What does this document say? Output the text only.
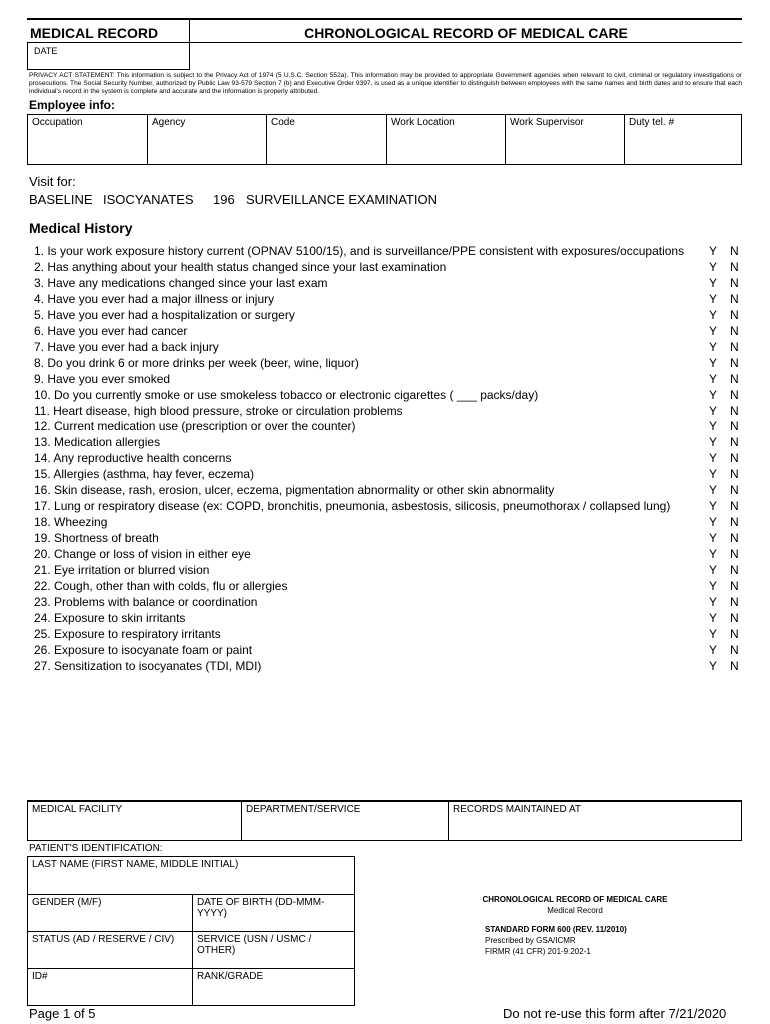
MEDICAL RECORD	CHRONOLOGICAL RECORD OF MEDICAL CARE
DATE
PRIVACY ACT STATEMENT: This information is subject to the Privacy Act of 1974 (5 U.S.C. Section 552a). This information may be provided to appropriate Government agencies when relevant to civil, criminal or regulatory investigations or prosecutions. The Social Security Number, authorized by Public Law 93-579 Section 7 (b) and Executive Order 9397, is used as a unique identifier to distinguish between employees with the same names and birth dates and to ensure that each individual's record in the system is complete and accurate and the information is properly attributed.
Employee info:
Occupation	Agency	Code	Work Location	Work Supervisor	Duty tel. #
Visit for:
BASELINE ISOCYANATES 196 SURVEILLANCE EXAMINATION
Medical History
1. Is your work exposure history current (OPNAV 5100/15), and is surveillance/PPE consistent with exposures/occupations Y N
2. Has anything about your health status changed since your last examination	Y N
3. Have any medications changed since your last exam	Y N
4. Have you ever had a major illness or injury	Y N
5. Have you ever had a hospitalization or surgery	Y N
6. Have you ever had cancer	Y N
7. Have you ever had a back injury	Y N
8. Do you drink 6 or more drinks per week (beer, wine, liquor)	Y N
9. Have you ever smoked	Y N
10. Do you currently smoke or use smokeless tobacco or electronic cigarettes ( ___ packs/day)	Y N
11. Heart disease, high blood pressure, stroke or circulation problems	Y N
12. Current medication use (prescription or over the counter)	Y N
13. Medication allergies	Y N
14. Any reproductive health concerns	Y N
15. Allergies (asthma, hay fever, eczema)	Y N
16. Skin disease, rash, erosion, ulcer, eczema, pigmentation abnormality or other skin abnormality	Y N
17. Lung or respiratory disease (ex: COPD, bronchitis, pneumonia, asbestosis, silicosis, pneumothorax / collapsed lung)	Y N
18. Wheezing	Y N
19. Shortness of breath	Y N
20. Change or loss of vision in either eye	Y N
21. Eye irritation or blurred vision	Y N
22. Cough, other than with colds, flu or allergies	Y N
23. Problems with balance or coordination	Y N
24. Exposure to skin irritants	Y N
25. Exposure to respiratory irritants	Y N
26. Exposure to isocyanate foam or paint	Y N
27. Sensitization to isocyanates (TDI, MDI)	Y N
MEDICAL FACILITY	DEPARTMENT/SERVICE	RECORDS MAINTAINED AT
PATIENT'S IDENTIFICATION:
LAST NAME (FIRST NAME, MIDDLE INITIAL)
GENDER (M/F)	DATE OF BIRTH (DD-MMM-YYYY)
STATUS (AD / RESERVE / CIV)	SERVICE (USN / USMC / OTHER)
ID#	RANK/GRADE
CHRONOLOGICAL RECORD OF MEDICAL CARE
Medical Record
STANDARD FORM 600 (REV. 11/2010)
Prescribed by GSA/ICMR
FIRMR (41 CFR) 201-9.202-1
Page 1 of 5	Do not re-use this form after 7/21/2020
